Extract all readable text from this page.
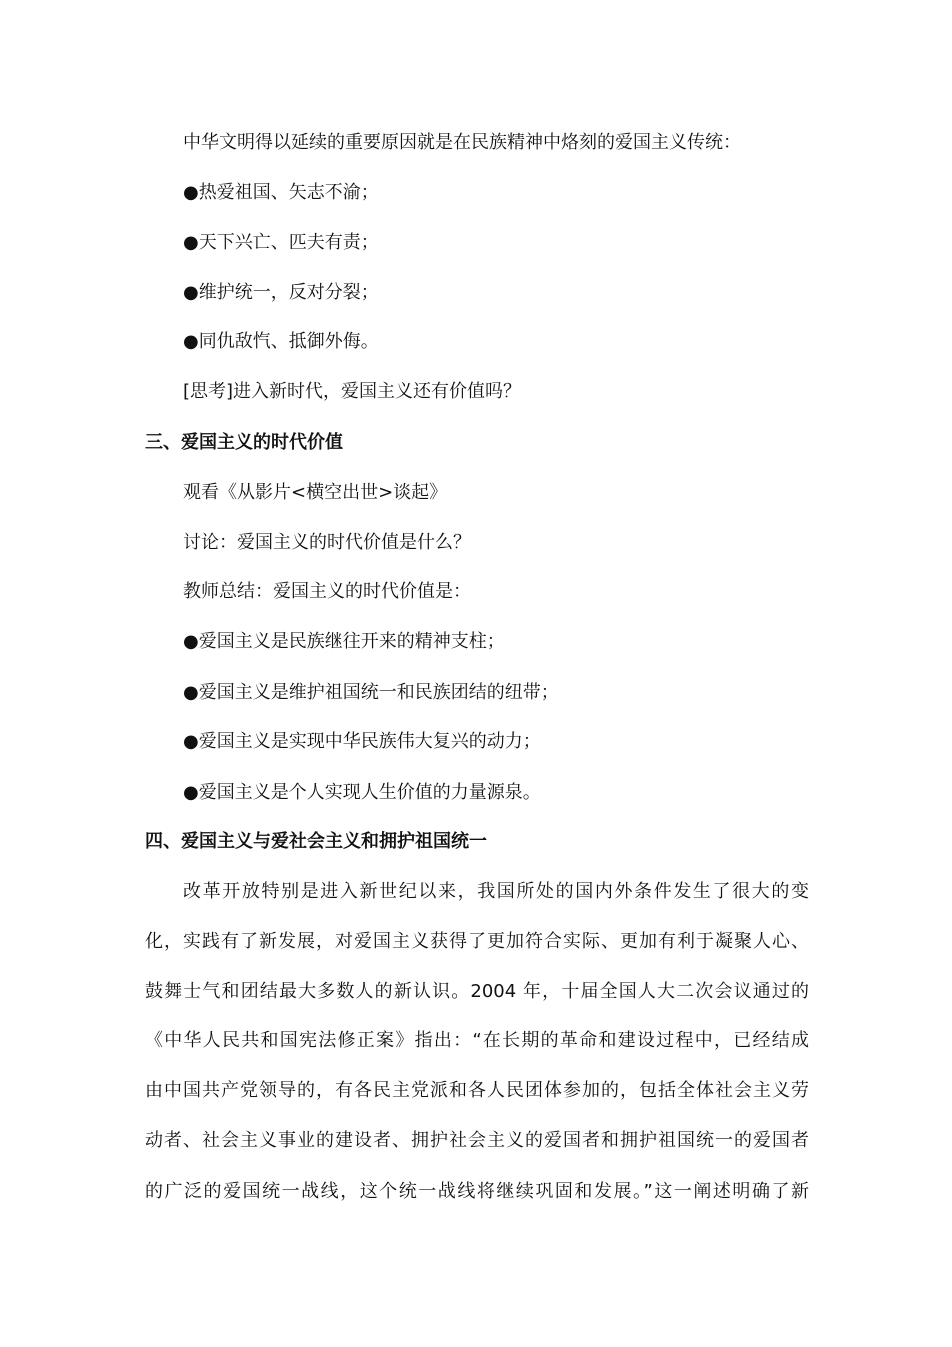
中华文明得以延续的重要原因就是在民族精神中烙刻的爱国主义传统：
●热爱祖国、矢志不渝；
●天下兴亡、匹夫有责；
●维护统一，反对分裂；
●同仇敌忾、抵御外侮。
[思考]进入新时代，爱国主义还有价值吗？
三、爱国主义的时代价值
观看《从影片<横空出世>谈起》
讨论：爱国主义的时代价值是什么？
教师总结：爱国主义的时代价值是：
●爱国主义是民族继往开来的精神支柱；
●爱国主义是维护祖国统一和民族团结的纽带；
●爱国主义是实现中华民族伟大复兴的动力；
●爱国主义是个人实现人生价值的力量源泉。
四、爱国主义与爱社会主义和拥护祖国统一
改革开放特别是进入新世纪以来，我国所处的国内外条件发生了很大的变
化，实践有了新发展，对爱国主义获得了更加符合实际、更加有利于凝聚人心、
鼓舞士气和团结最大多数人的新认识。2004 年，十届全国人大二次会议通过的
《中华人民共和国宪法修正案》指出：“在长期的革命和建设过程中，已经结成
由中国共产党领导的，有各民主党派和各人民团体参加的，包括全体社会主义劳
动者、社会主义事业的建设者、拥护社会主义的爱国者和拥护祖国统一的爱国者
的广泛的爱国统一战线，这个统一战线将继续巩固和发展。”这一阐述明确了新
